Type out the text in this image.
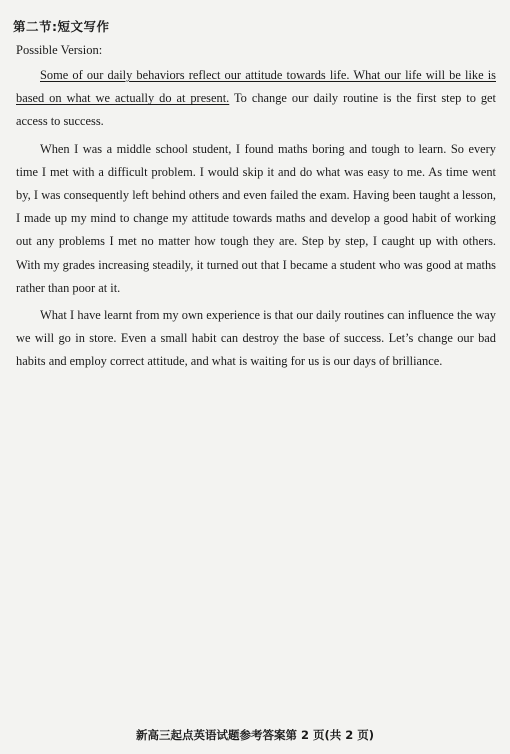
第二节:短文写作
Possible Version:

Some of our daily behaviors reflect our attitude towards life. What our life will be like is based on what we actually do at present. To change our daily routine is the first step to get access to success.

When I was a middle school student, I found maths boring and tough to learn. So every time I met with a difficult problem. I would skip it and do what was easy to me. As time went by, I was consequently left behind others and even failed the exam. Having been taught a lesson, I made up my mind to change my attitude towards maths and develop a good habit of working out any problems I met no matter how tough they are. Step by step, I caught up with others. With my grades increasing steadily, it turned out that I became a student who was good at maths rather than poor at it.

What I have learnt from my own experience is that our daily routines can influence the way we will go in store. Even a small habit can destroy the base of success. Let’s change our bad habits and employ correct attitude, and what is waiting for us is our days of brilliance.

新高三起点英语试题参考答案第 2 页(共 2 页)
